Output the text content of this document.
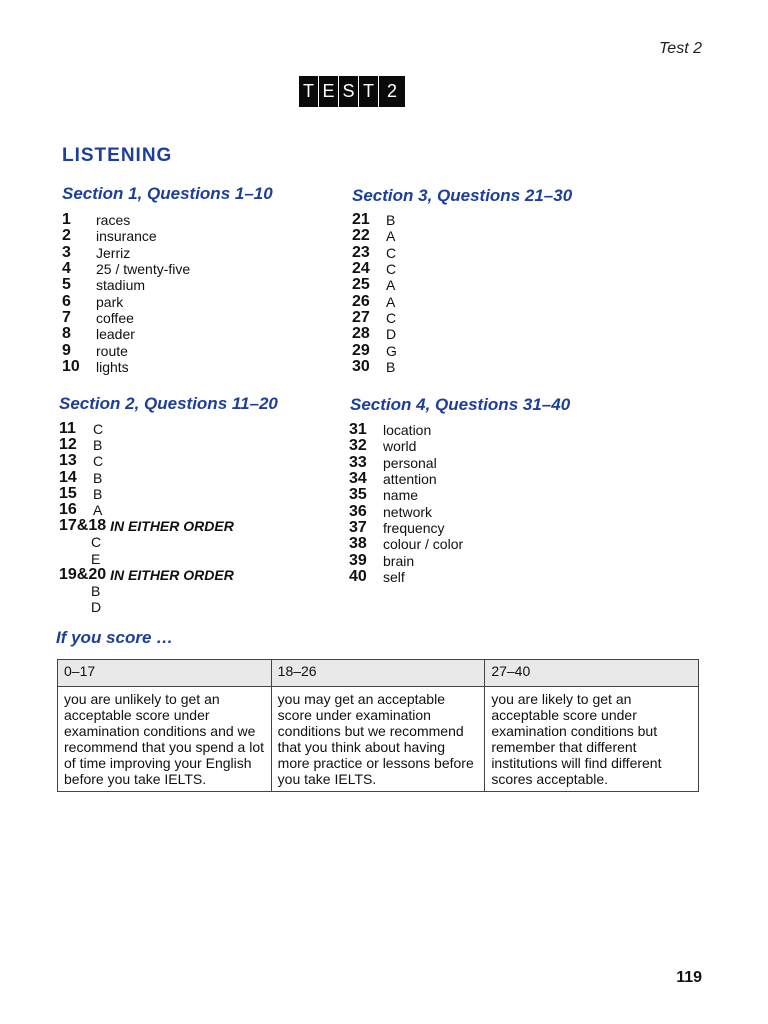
Test 2
T E S T 2
LISTENING
Section 1, Questions 1–10
1	races
2	insurance
3	Jerriz
4	25 / twenty-five
5	stadium
6	park
7	coffee
8	leader
9	route
10	lights
Section 3, Questions 21–30
21	B
22	A
23	C
24	C
25	A
26	A
27	C
28	D
29	G
30	B
Section 2, Questions 11–20
11	C
12	B
13	C
14	B
15	B
16	A
17&18 IN EITHER ORDER
C
E
19&20 IN EITHER ORDER
B
D
Section 4, Questions 31–40
31	location
32	world
33	personal
34	attention
35	name
36	network
37	frequency
38	colour / color
39	brain
40	self
If you score …
0–17	18–26	27–40
you are unlikely to get an acceptable score under examination conditions and we recommend that you spend a lot of time improving your English before you take IELTS.	you may get an acceptable score under examination conditions but we recommend that you think about having more practice or lessons before you take IELTS.	you are likely to get an acceptable score under examination conditions but remember that different institutions will find different scores acceptable.
119
